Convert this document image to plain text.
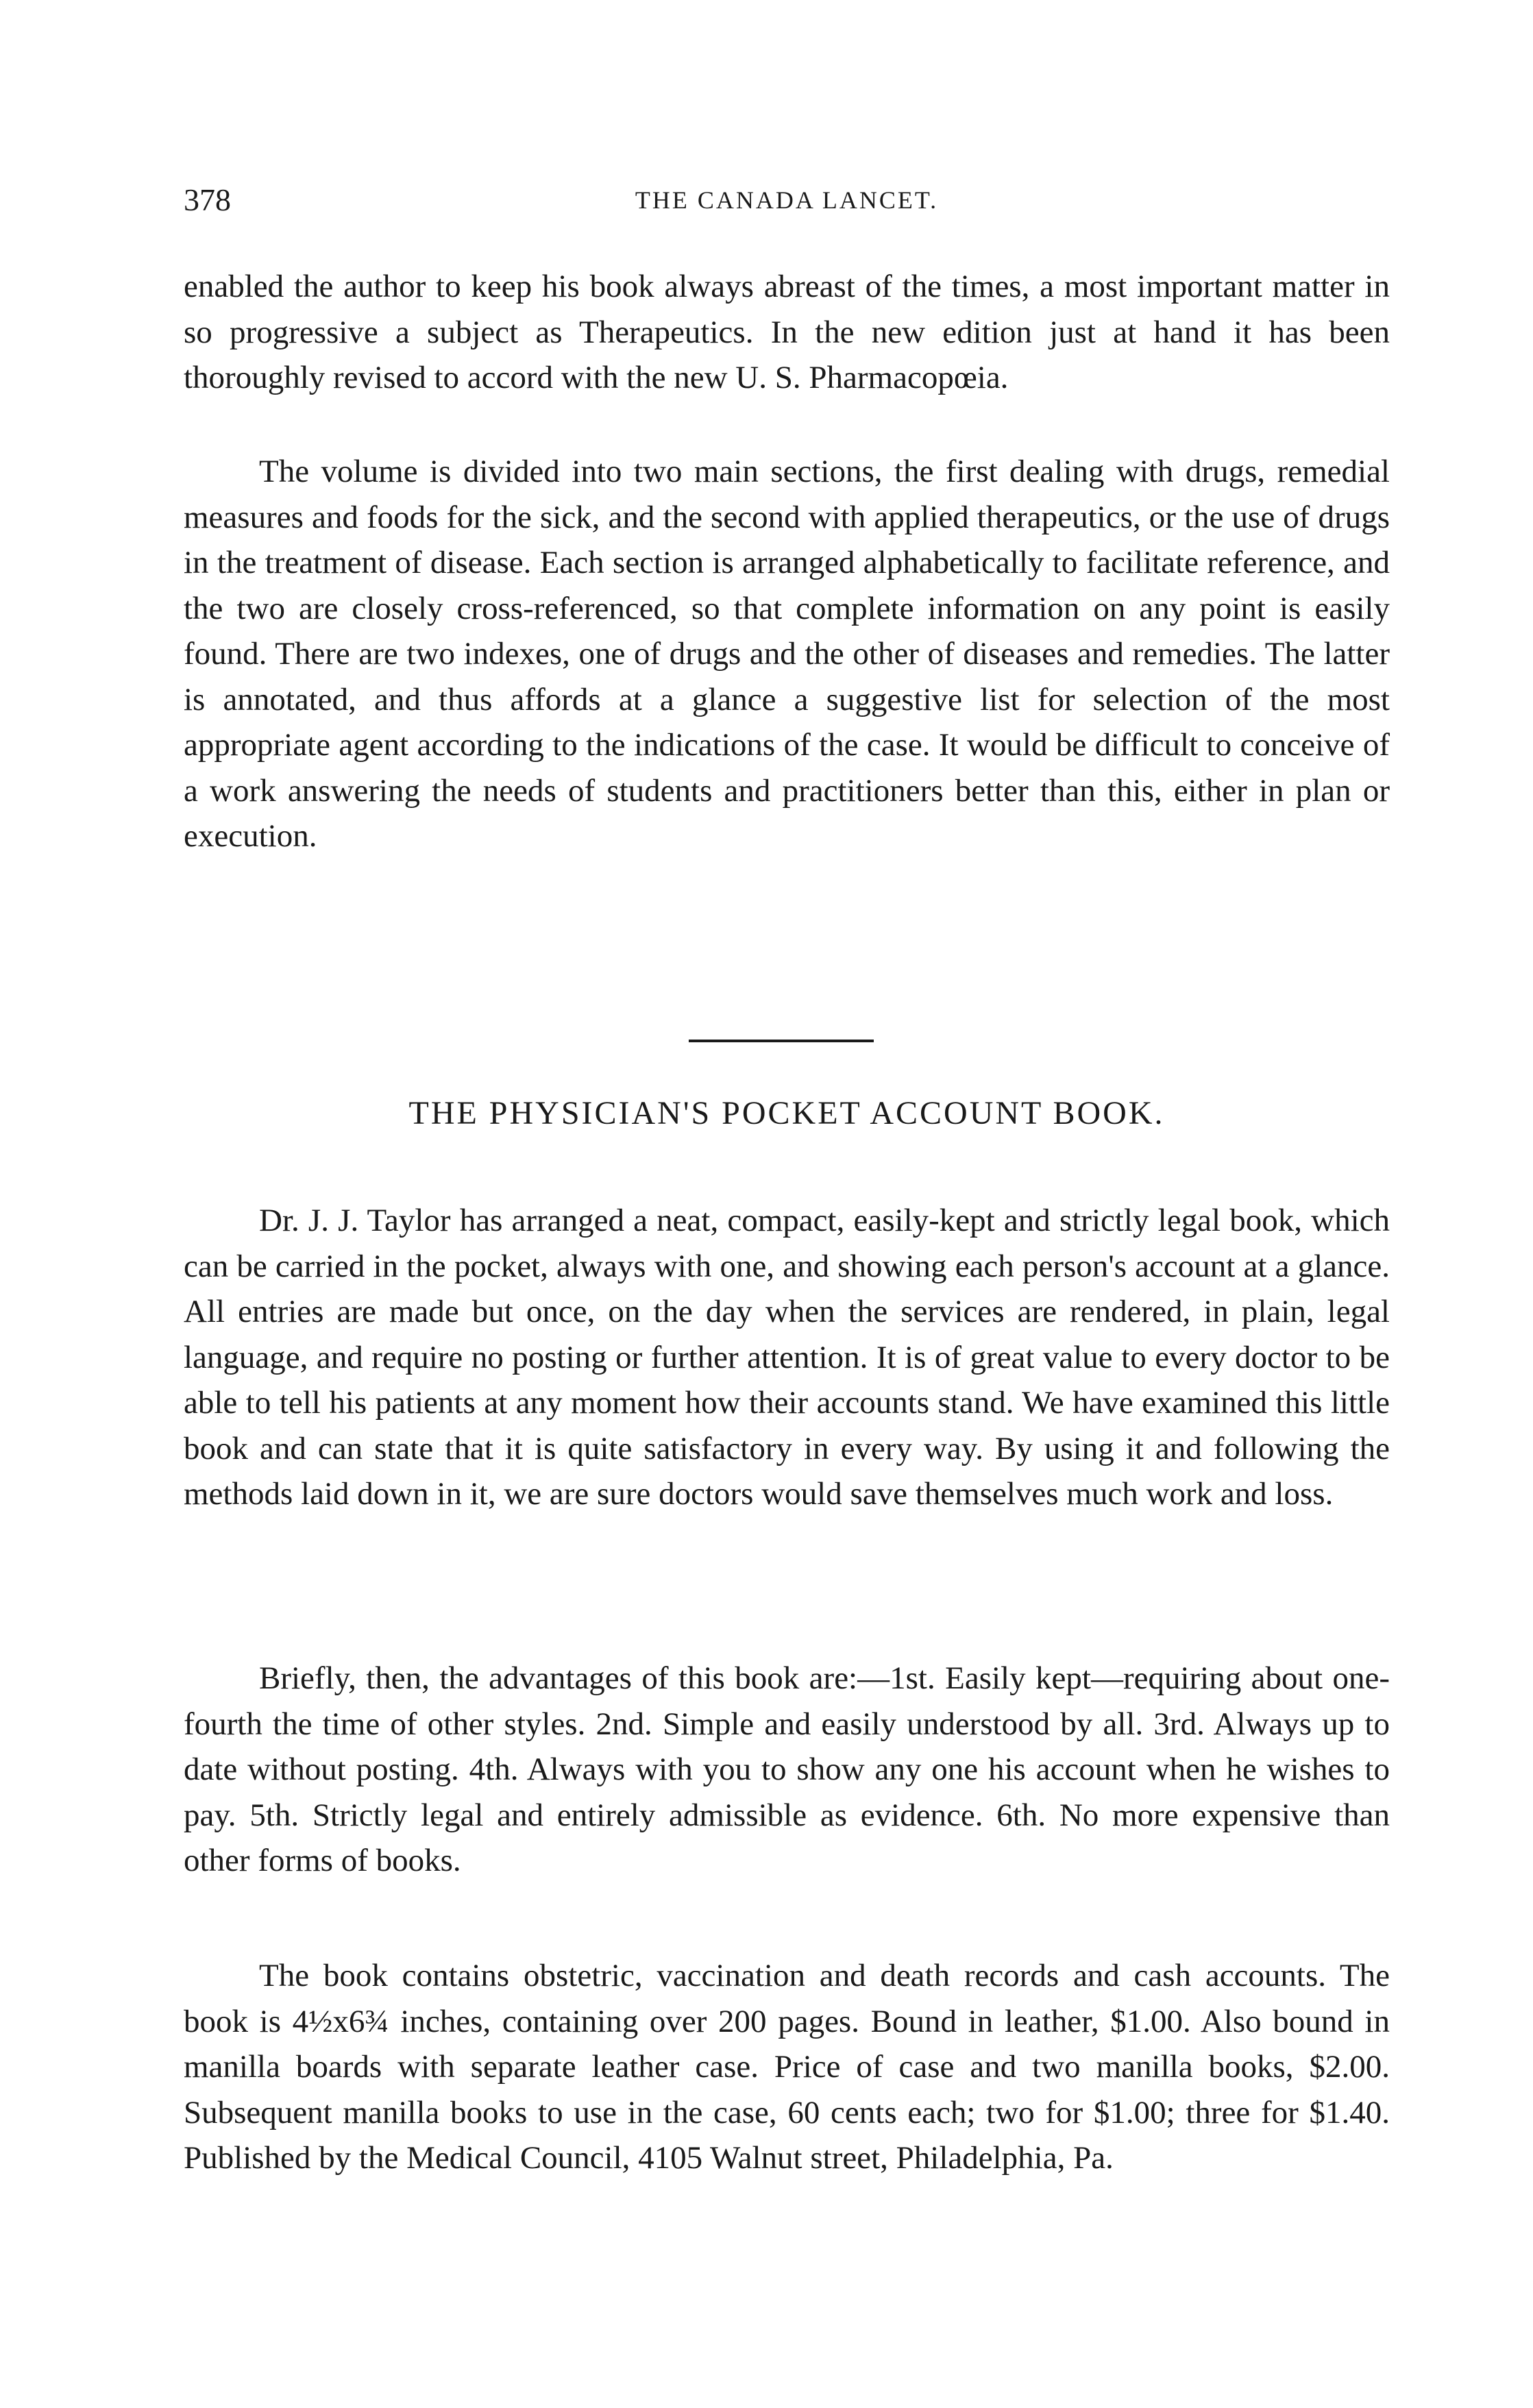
378	THE CANADA LANCET.

enabled the author to keep his book always abreast of the times, a most important matter in so progressive a subject as Therapeutics. In the new edition just at hand it has been thoroughly revised to accord with the new U. S. Pharmacopœia.

The volume is divided into two main sections, the first dealing with drugs, remedial measures and foods for the sick, and the second with applied therapeutics, or the use of drugs in the treatment of disease. Each section is arranged alphabetically to facilitate reference, and the two are closely cross-referenced, so that complete information on any point is easily found. There are two indexes, one of drugs and the other of diseases and remedies. The latter is annotated, and thus affords at a glance a suggestive list for selection of the most appropriate agent according to the indications of the case. It would be difficult to conceive of a work answering the needs of students and practitioners better than this, either in plan or execution.

THE PHYSICIAN'S POCKET ACCOUNT BOOK.

Dr. J. J. Taylor has arranged a neat, compact, easily-kept and strictly legal book, which can be carried in the pocket, always with one, and showing each person's account at a glance. All entries are made but once, on the day when the services are rendered, in plain, legal language, and require no posting or further attention. It is of great value to every doctor to be able to tell his patients at any moment how their accounts stand. We have examined this little book and can state that it is quite satisfactory in every way. By using it and following the methods laid down in it, we are sure doctors would save themselves much work and loss.

Briefly, then, the advantages of this book are:—1st. Easily kept—requiring about one-fourth the time of other styles. 2nd. Simple and easily understood by all. 3rd. Always up to date without posting. 4th. Always with you to show any one his account when he wishes to pay. 5th. Strictly legal and entirely admissible as evidence. 6th. No more expensive than other forms of books.

The book contains obstetric, vaccination and death records and cash accounts. The book is 4½x6¾ inches, containing over 200 pages. Bound in leather, $1.00. Also bound in manilla boards with separate leather case. Price of case and two manilla books, $2.00. Subsequent manilla books to use in the case, 60 cents each; two for $1.00; three for $1.40. Published by the Medical Council, 4105 Walnut street, Philadelphia, Pa.
